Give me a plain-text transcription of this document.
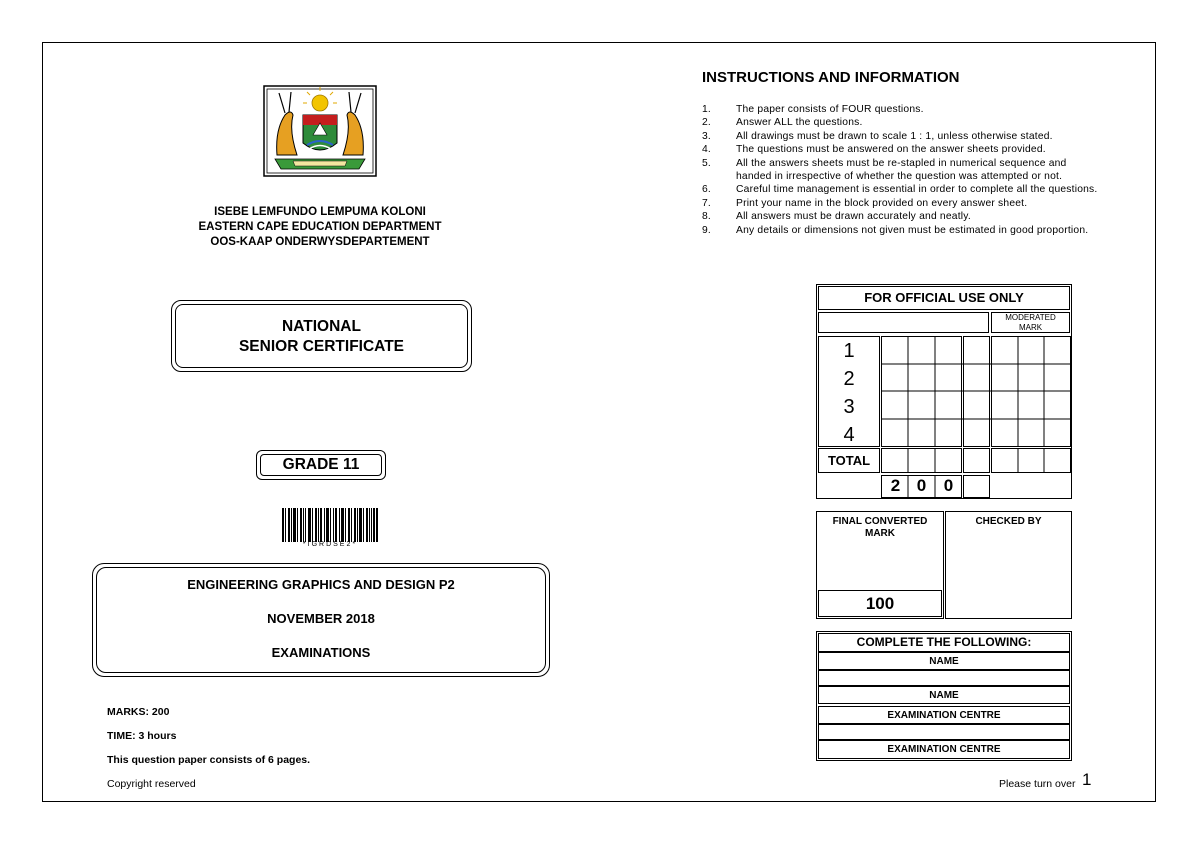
ISEBE LEMFUNDO LEMPUMA KOLONI
EASTERN CAPE EDUCATION DEPARTMENT
OOS-KAAP ONDERWYSDEPARTEMENT
NATIONAL
SENIOR CERTIFICATE
GRADE 11
*IGRDSE2*
ENGINEERING GRAPHICS AND DESIGN P2
NOVEMBER 2018
EXAMINATIONS
MARKS: 200
TIME: 3 hours
This question paper consists of 6 pages.
Copyright reserved
INSTRUCTIONS AND INFORMATION
1. The paper consists of FOUR questions.
2. Answer ALL the questions.
3. All drawings must be drawn to scale 1 : 1, unless otherwise stated.
4. The questions must be answered on the answer sheets provided.
5. All the answers sheets must be re-stapled in numerical sequence and
handed in irrespective of whether the question was attempted or not.
6. Careful time management is essential in order to complete all the questions.
7. Print your name in the block provided on every answer sheet.
8. All answers must be drawn accurately and neatly.
9. Any details or dimensions not given must be estimated in good proportion.
FOR OFFICIAL USE ONLY
MODERATED
MARK
1
2
3
4
TOTAL
2 0	0
FINAL CONVERTED
MARK
100
CHECKED BY
COMPLETE THE FOLLOWING:
NAME
NAME
EXAMINATION CENTRE
EXAMINATION CENTRE
Please turn over 1
